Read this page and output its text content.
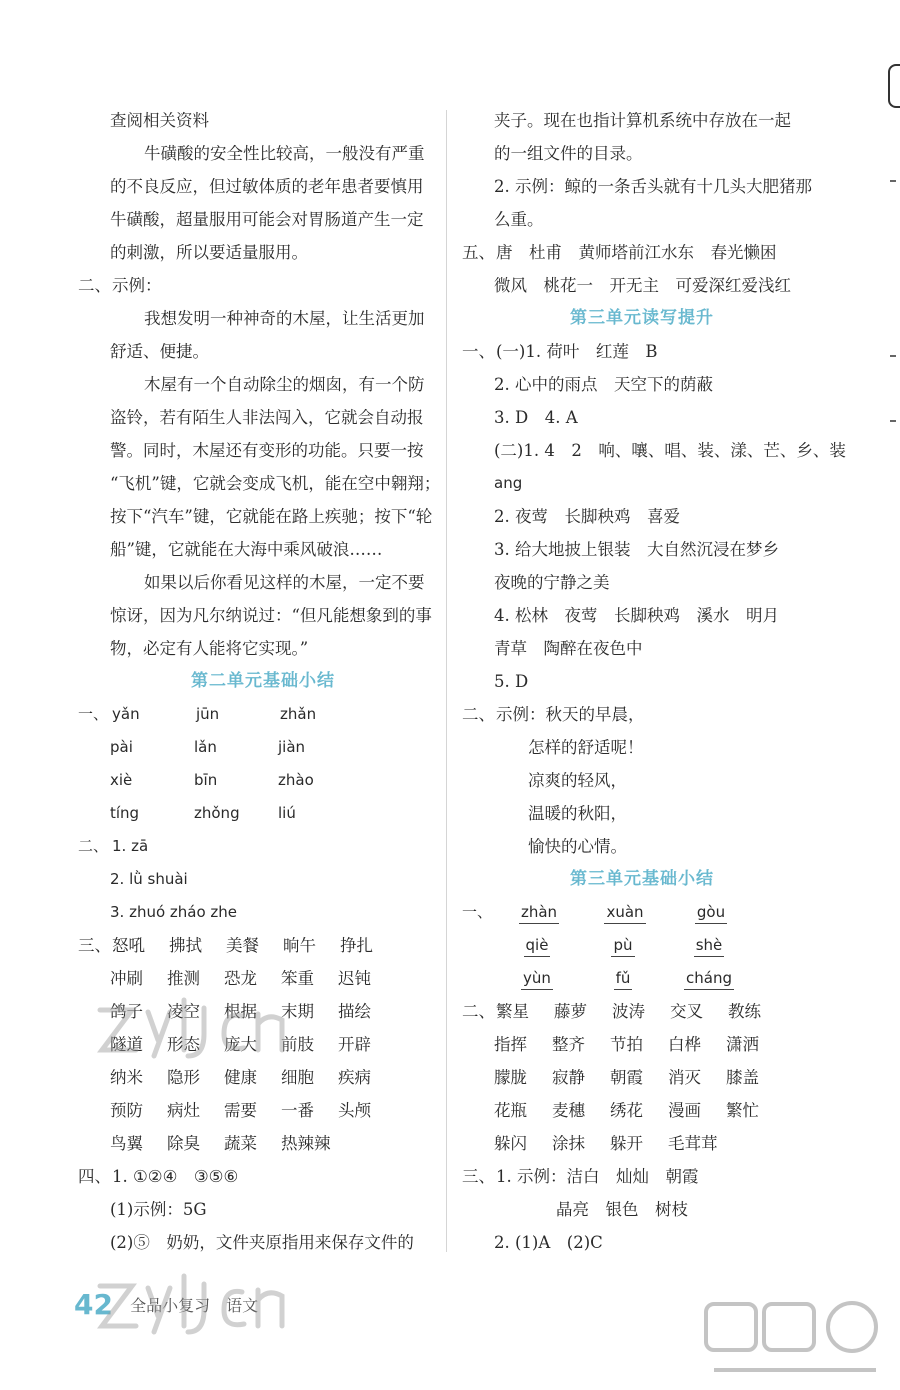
查阅相关资料
牛磺酸的安全性比较高，一般没有严重
的不良反应，但过敏体质的老年患者要慎用
牛磺酸，超量服用可能会对胃肠道产生一定
的刺激，所以要适量服用。
二、示例：
我想发明一种神奇的木屋，让生活更加
舒适、便捷。
木屋有一个自动除尘的烟囱，有一个防
盗铃，若有陌生人非法闯入，它就会自动报
警。同时，木屋还有变形的功能。只要一按
“飞机”键，它就会变成飞机，能在空中翱翔；
按下“汽车”键，它就能在路上疾驰；按下“轮
船”键，它就能在大海中乘风破浪……
如果以后你看见这样的木屋，一定不要
惊讶，因为凡尔纳说过：“但凡能想象到的事
物，必定有人能将它实现。”
第二单元基础小结
一、 yǎn	jūn	zhǎn
pài	lǎn	jiàn
xiè	bīn	zhào
tíng	zhǒng	liú
二、 1. zā
2. lǜ shuài
3. zhuó zháo zhe
三、怒吼 拂拭 美餐 晌午 挣扎
冲刷 推测 恐龙 笨重 迟钝
鸽子 凌空 根据 末期 描绘
隧道 形态 庞大 前肢 开辟
纳米 隐形 健康 细胞 疾病
预防 病灶 需要 一番 头颅
鸟翼 除臭 蔬菜 热辣辣
四、1. ①②④　③⑤⑥
(1)示例：5G
(2)⑤　奶奶，文件夹原指用来保存文件的
夹子。现在也指计算机系统中存放在一起
的一组文件的目录。
2. 示例：鲸的一条舌头就有十几头大肥猪那
么重。
五、唐　杜甫　黄师塔前江水东　春光懒困
微风　桃花一　开无主　可爱深红爱浅红
第三单元读写提升
一、(一)1. 荷叶　红莲　B
2. 心中的雨点　天空下的荫蔽
3. D　4. A
(二)1. 4　2　响、嚷、唱、装、漾、芒、乡、装
ang
2. 夜莺　长脚秧鸡　喜爱
3. 给大地披上银装　大自然沉浸在梦乡
夜晚的宁静之美
4. 松林　夜莺　长脚秧鸡　溪水　明月
青草　陶醉在夜色中
5. D
二、示例：秋天的早晨，
怎样的舒适呢！
凉爽的轻风，
温暖的秋阳，
愉快的心情。
第三单元基础小结
一、 zhàn	xuàn	gòu
qiè	pù	shè
yùn	fǔ	cháng
二、繁星 藤萝 波涛 交叉 教练
指挥 整齐 节拍 白桦 潇洒
朦胧 寂静 朝霞 消灭 膝盖
花瓶 麦穗 绣花 漫画 繁忙
躲闪 涂抹 躲开 毛茸茸
三、1. 示例：洁白　灿灿　朝霞
晶亮　银色　树枝
2. (1)A　(2)C
42 全品小复习　语文
